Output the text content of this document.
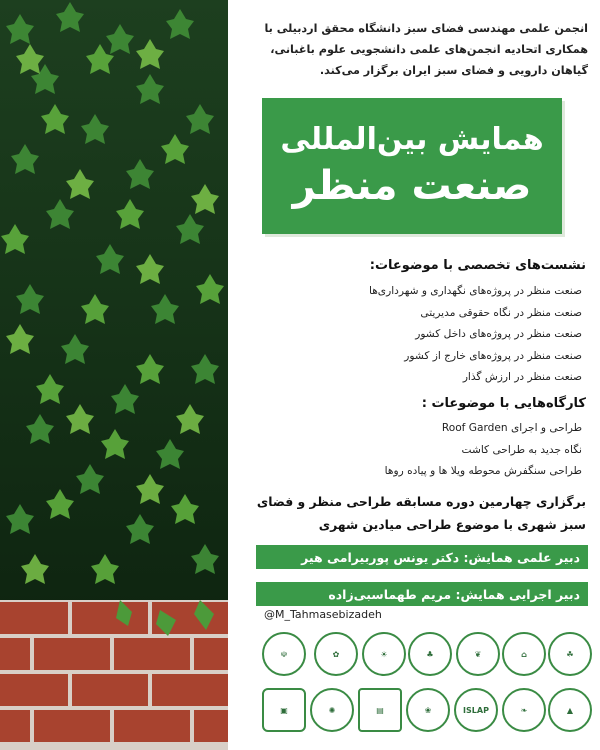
انجمن علمی مهندسی فضای سبز دانشگاه محقق اردبیلی با همکاری اتحادیه انجمن‌های علمی دانشجویی علوم باغبانی، گیاهان دارویی و فضای سبز ایران برگزار می‌کند.
همایش بین‌المللی
صنعت منظر
نشست‌های تخصصی با موضوعات:
صنعت منظر در پروژه‌های نگهداری و شهرداری‌ها
صنعت منظر در نگاه حقوقی مدیریتی
صنعت منظر در پروژه‌های داخل کشور
صنعت منظر در پروژه‌های خارج از کشور
صنعت منظر در ارزش گذار
کارگاه‌هایی با موضوعات :
طراحی و اجرای Roof Garden
نگاه جدید به طراحی کاشت
طراحی سنگفرش محوطه ویلا ها و پیاده روها
برگزاری چهارمین دوره مسابقه طراحی منظر و فضای سبز شهری با موضوع طراحی میادین شهری
دبیر علمی همایش: دکتر یونس پوربیرامی هیر
دبیر اجرایی همایش: مریم طهماسبی‌زاده
@M_Tahmasebizadeh
☫	✿	☀	♣	❦	⌂	☘
▣	✺	▤	❀	ISLAP	❧	▲
